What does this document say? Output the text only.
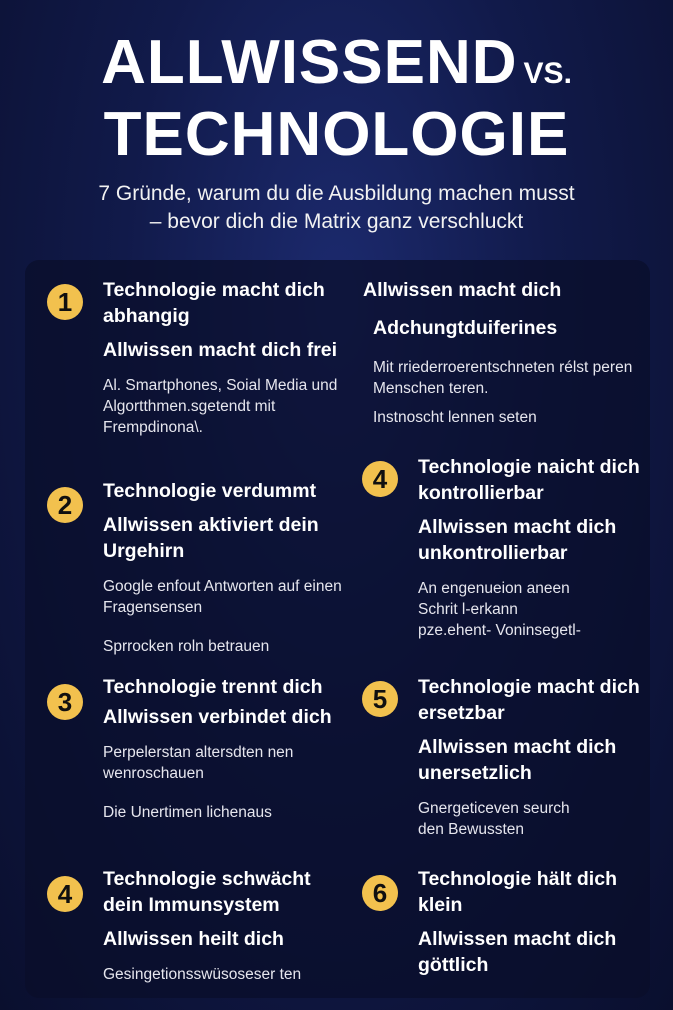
ALLWISSEND VS.
TECHNOLOGIE
7 Gründe, warum du die Ausbildung machen musst
– bevor dich die Matrix ganz verschluckt
1	Technologie macht dich abhangig

Allwissen macht dich frei

Al. Smartphones, Soial Media und Algortthmen.sgetendt mit Frempdinona\.
2	Technologie verdummt

Allwissen aktiviert dein Urgehirn

Google enfout Antworten auf einen Fragensensen
Sprrocken roln betrauen
3	Technologie trennt dich

Allwissen verbindet dich

Perpelerstan altersdten nen wenroschauen
Die Unertimen lichenaus
4	Technologie schwächt dein Immunsystem

Allwissen heilt dich

Gesingetionsswüsoseser ten

Allwissen macht dich

Adchungtduiferines

Mit rriederroerentschneten rélst peren Menschen teren.
Instnoscht lennen seten
4	Technologie naicht dich kontrollierbar

Allwissen macht dich unkontrollierbar

An engenueion aneen Schrit l-erkann pze.ehent- Voninsegetl-
5	Technologie macht dich ersetzbar

Allwissen macht dich unersetzlich

Gnergeticeven seurch den Bewussten
6	Technologie hält dich klein

Allwissen macht dich göttlich
